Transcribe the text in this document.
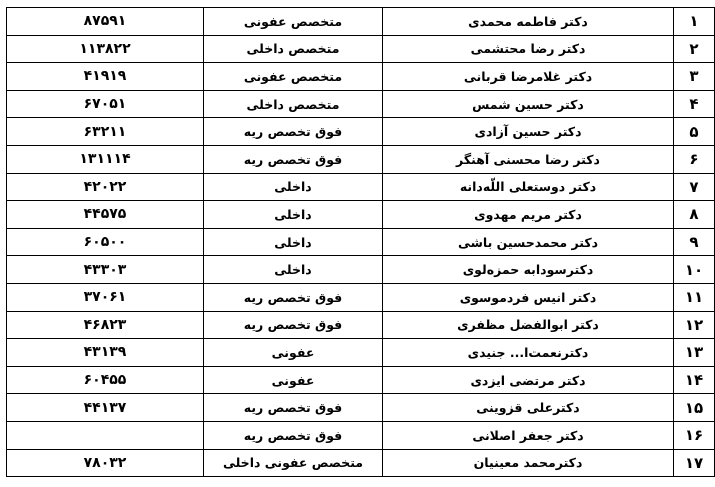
۱	دکتر فاطمه محمدی	متخصص عفونی	۸۷۵۹۱
۲	دکتر رضا محتشمی	متخصص داخلی	۱۱۳۸۲۲
۳	دکتر غلامرضا قربانی	متخصص عفونی	۴۱۹۱۹
۴	دکتر حسین شمس	متخصص داخلی	۶۷۰۵۱
۵	دکتر حسین آزادی	فوق تخصص ریه	۶۳۲۱۱
۶	دکتر رضا محسنی آهنگر	فوق تخصص ریه	۱۳۱۱۱۴
۷	دکتر دوستعلی اللّه‌دانه	داخلی	۴۲۰۲۲
۸	دکتر مریم مهدوی	داخلی	۴۴۵۷۵
۹	دکتر محمدحسین باشی	داخلی	۶۰۵۰۰
۱۰	دکترسودابه حمزه‌لوی	داخلی	۴۳۳۰۳
۱۱	دکتر انیس فردموسوی	فوق تخصص ریه	۳۷۰۶۱
۱۲	دکتر ابوالفضل مظفری	فوق تخصص ریه	۴۶۸۲۳
۱۳	دکترنعمت‌ا... جنیدی	عفونی	۴۳۱۳۹
۱۴	دکتر مرتضی ایزدی	عفونی	۶۰۴۵۵
۱۵	دکترعلی قزوینی	فوق تخصص ریه	۴۴۱۳۷
۱۶	دکتر جعفر اصلانی	فوق تخصص ریه	
۱۷	دکترمحمد معینیان	متخصص عفونی داخلی	۷۸۰۳۲
